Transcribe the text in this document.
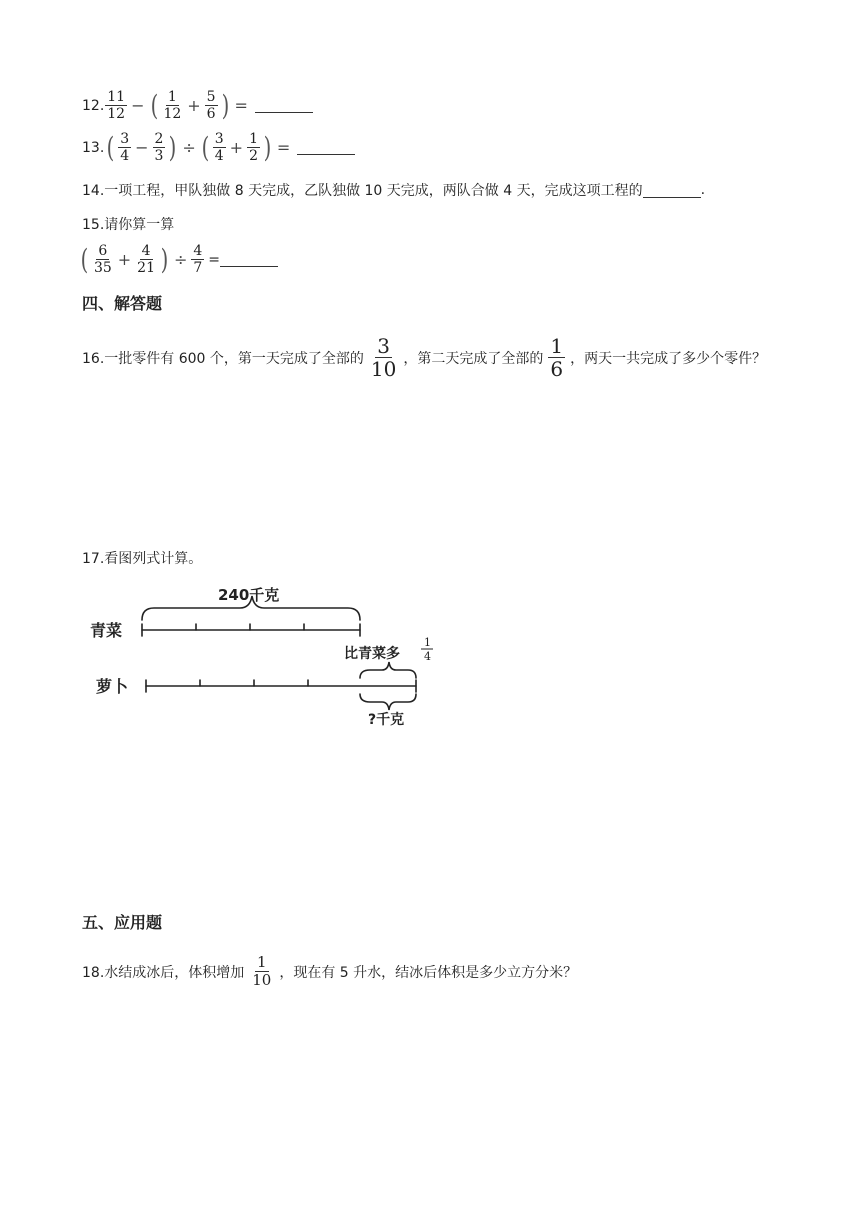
12. $\frac{11}{12}$ − ( $\frac{1}{12} + \frac{5}{6}$ ) =
13. ( $\frac{3}{4} - \frac{2}{3}$ ) ÷ ( $\frac{3}{4} + \frac{1}{2}$ ) =
14.一项工程，甲队独做 8 天完成，乙队独做 10 天完成，两队合做 4 天，完成这项工程的	.
15.请你算一算
( $\frac{6}{35} + \frac{4}{21}$ ) ÷ $\frac{4}{7}$ =
四、解答题
16.一批零件有 600 个，第一天完成了全部的 $\frac{3}{10}$ ，第二天完成了全部的 $\frac{1}{6}$ ，两天一共完成了多少个零件？
17.看图列式计算。
240千克
青菜
萝卜
比青菜多
1
4
?千克
五、应用题
18.水结成冰后，体积增加 $\frac{1}{10}$ ，现在有 5 升水，结冰后体积是多少立方分米？
